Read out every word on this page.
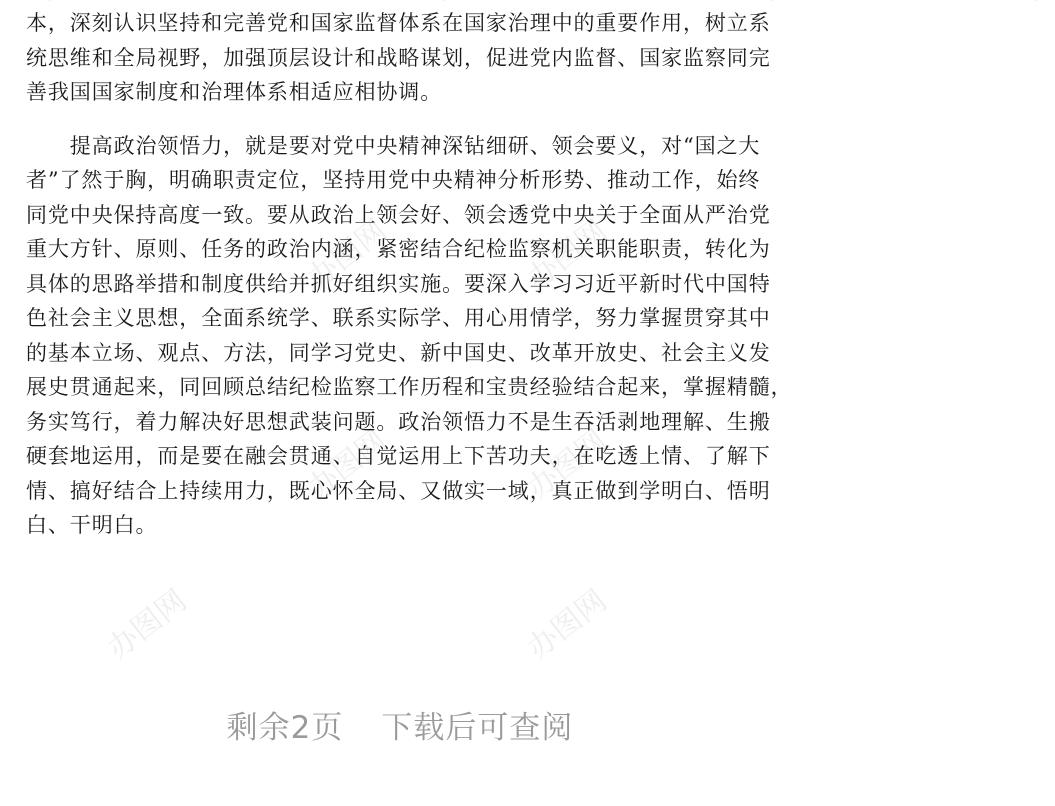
办图网	办图网
办图网	办图网
办图网	办图网
本，深刻认识坚持和完善党和国家监督体系在国家治理中的重要作用，树立系
统思维和全局视野，加强顶层设计和战略谋划，促进党内监督、国家监察同完
善我国国家制度和治理体系相适应相协调。
　　提高政治领悟力，就是要对党中央精神深钻细研、领会要义，对“国之大
者”了然于胸，明确职责定位，坚持用党中央精神分析形势、推动工作，始终
同党中央保持高度一致。要从政治上领会好、领会透党中央关于全面从严治党
重大方针、原则、任务的政治内涵，紧密结合纪检监察机关职能职责，转化为
具体的思路举措和制度供给并抓好组织实施。要深入学习习近平新时代中国特
色社会主义思想，全面系统学、联系实际学、用心用情学，努力掌握贯穿其中
的基本立场、观点、方法，同学习党史、新中国史、改革开放史、社会主义发
展史贯通起来，同回顾总结纪检监察工作历程和宝贵经验结合起来，掌握精髓，
务实笃行，着力解决好思想武装问题。政治领悟力不是生吞活剥地理解、生搬
硬套地运用，而是要在融会贯通、自觉运用上下苦功夫，在吃透上情、了解下
情、搞好结合上持续用力，既心怀全局、又做实一域，真正做到学明白、悟明
白、干明白。
剩余2页 下载后可查阅
